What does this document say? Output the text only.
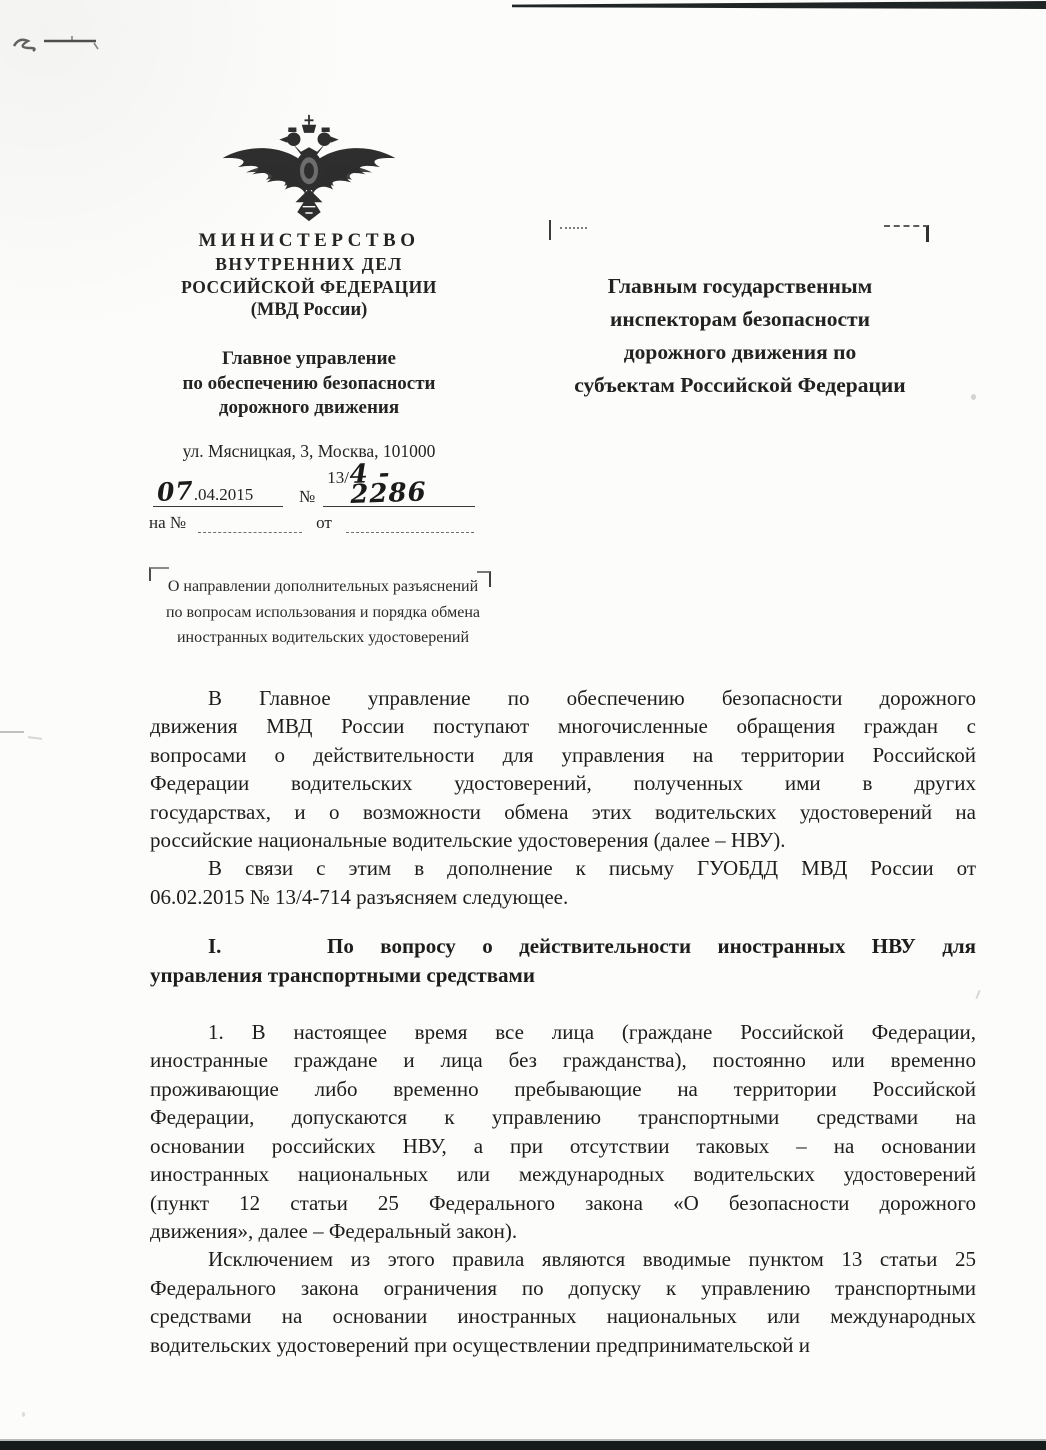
МИНИСТЕРСТВО
ВНУТРЕННИХ ДЕЛ
РОССИЙСКОЙ ФЕДЕРАЦИИ
(МВД России)
Главное управление
по обеспечению безопасности
дорожного движения
ул. Мясницкая, 3, Москва, 101000
07 .04.2015	№
13/ 4 - 2286
на №	от
Главным государственным
инспекторам безопасности
дорожного движения по
субъектам Российской Федерации
О направлении дополнительных разъяснений
по вопросам использования и порядка обмена
иностранных водительских удостоверений
В Главное управление по обеспечению безопасности дорожного
движения МВД России поступают многочисленные обращения граждан с
вопросами о действительности для управления на территории Российской
Федерации водительских удостоверений, полученных ими в других
государствах, и о возможности обмена этих водительских удостоверений на
российские национальные водительские удостоверения (далее – НВУ).
В связи с этим в дополнение к письму ГУОБДД МВД России от
06.02.2015 № 13/4-714 разъясняем следующее.
I.    По вопросу о действительности иностранных НВУ для
управления транспортными средствами
1. В настоящее время все лица (граждане Российской Федерации,
иностранные граждане и лица без гражданства), постоянно или временно
проживающие либо временно пребывающие на территории Российской
Федерации, допускаются к управлению транспортными средствами на
основании российских НВУ, а при отсутствии таковых – на основании
иностранных национальных или международных водительских удостоверений
(пункт 12 статьи 25 Федерального закона «О безопасности дорожного
движения», далее – Федеральный закон).
Исключением из этого правила являются вводимые пунктом 13 статьи 25
Федерального закона ограничения по допуску к управлению транспортными
средствами на основании иностранных национальных или международных
водительских удостоверений при осуществлении предпринимательской и
